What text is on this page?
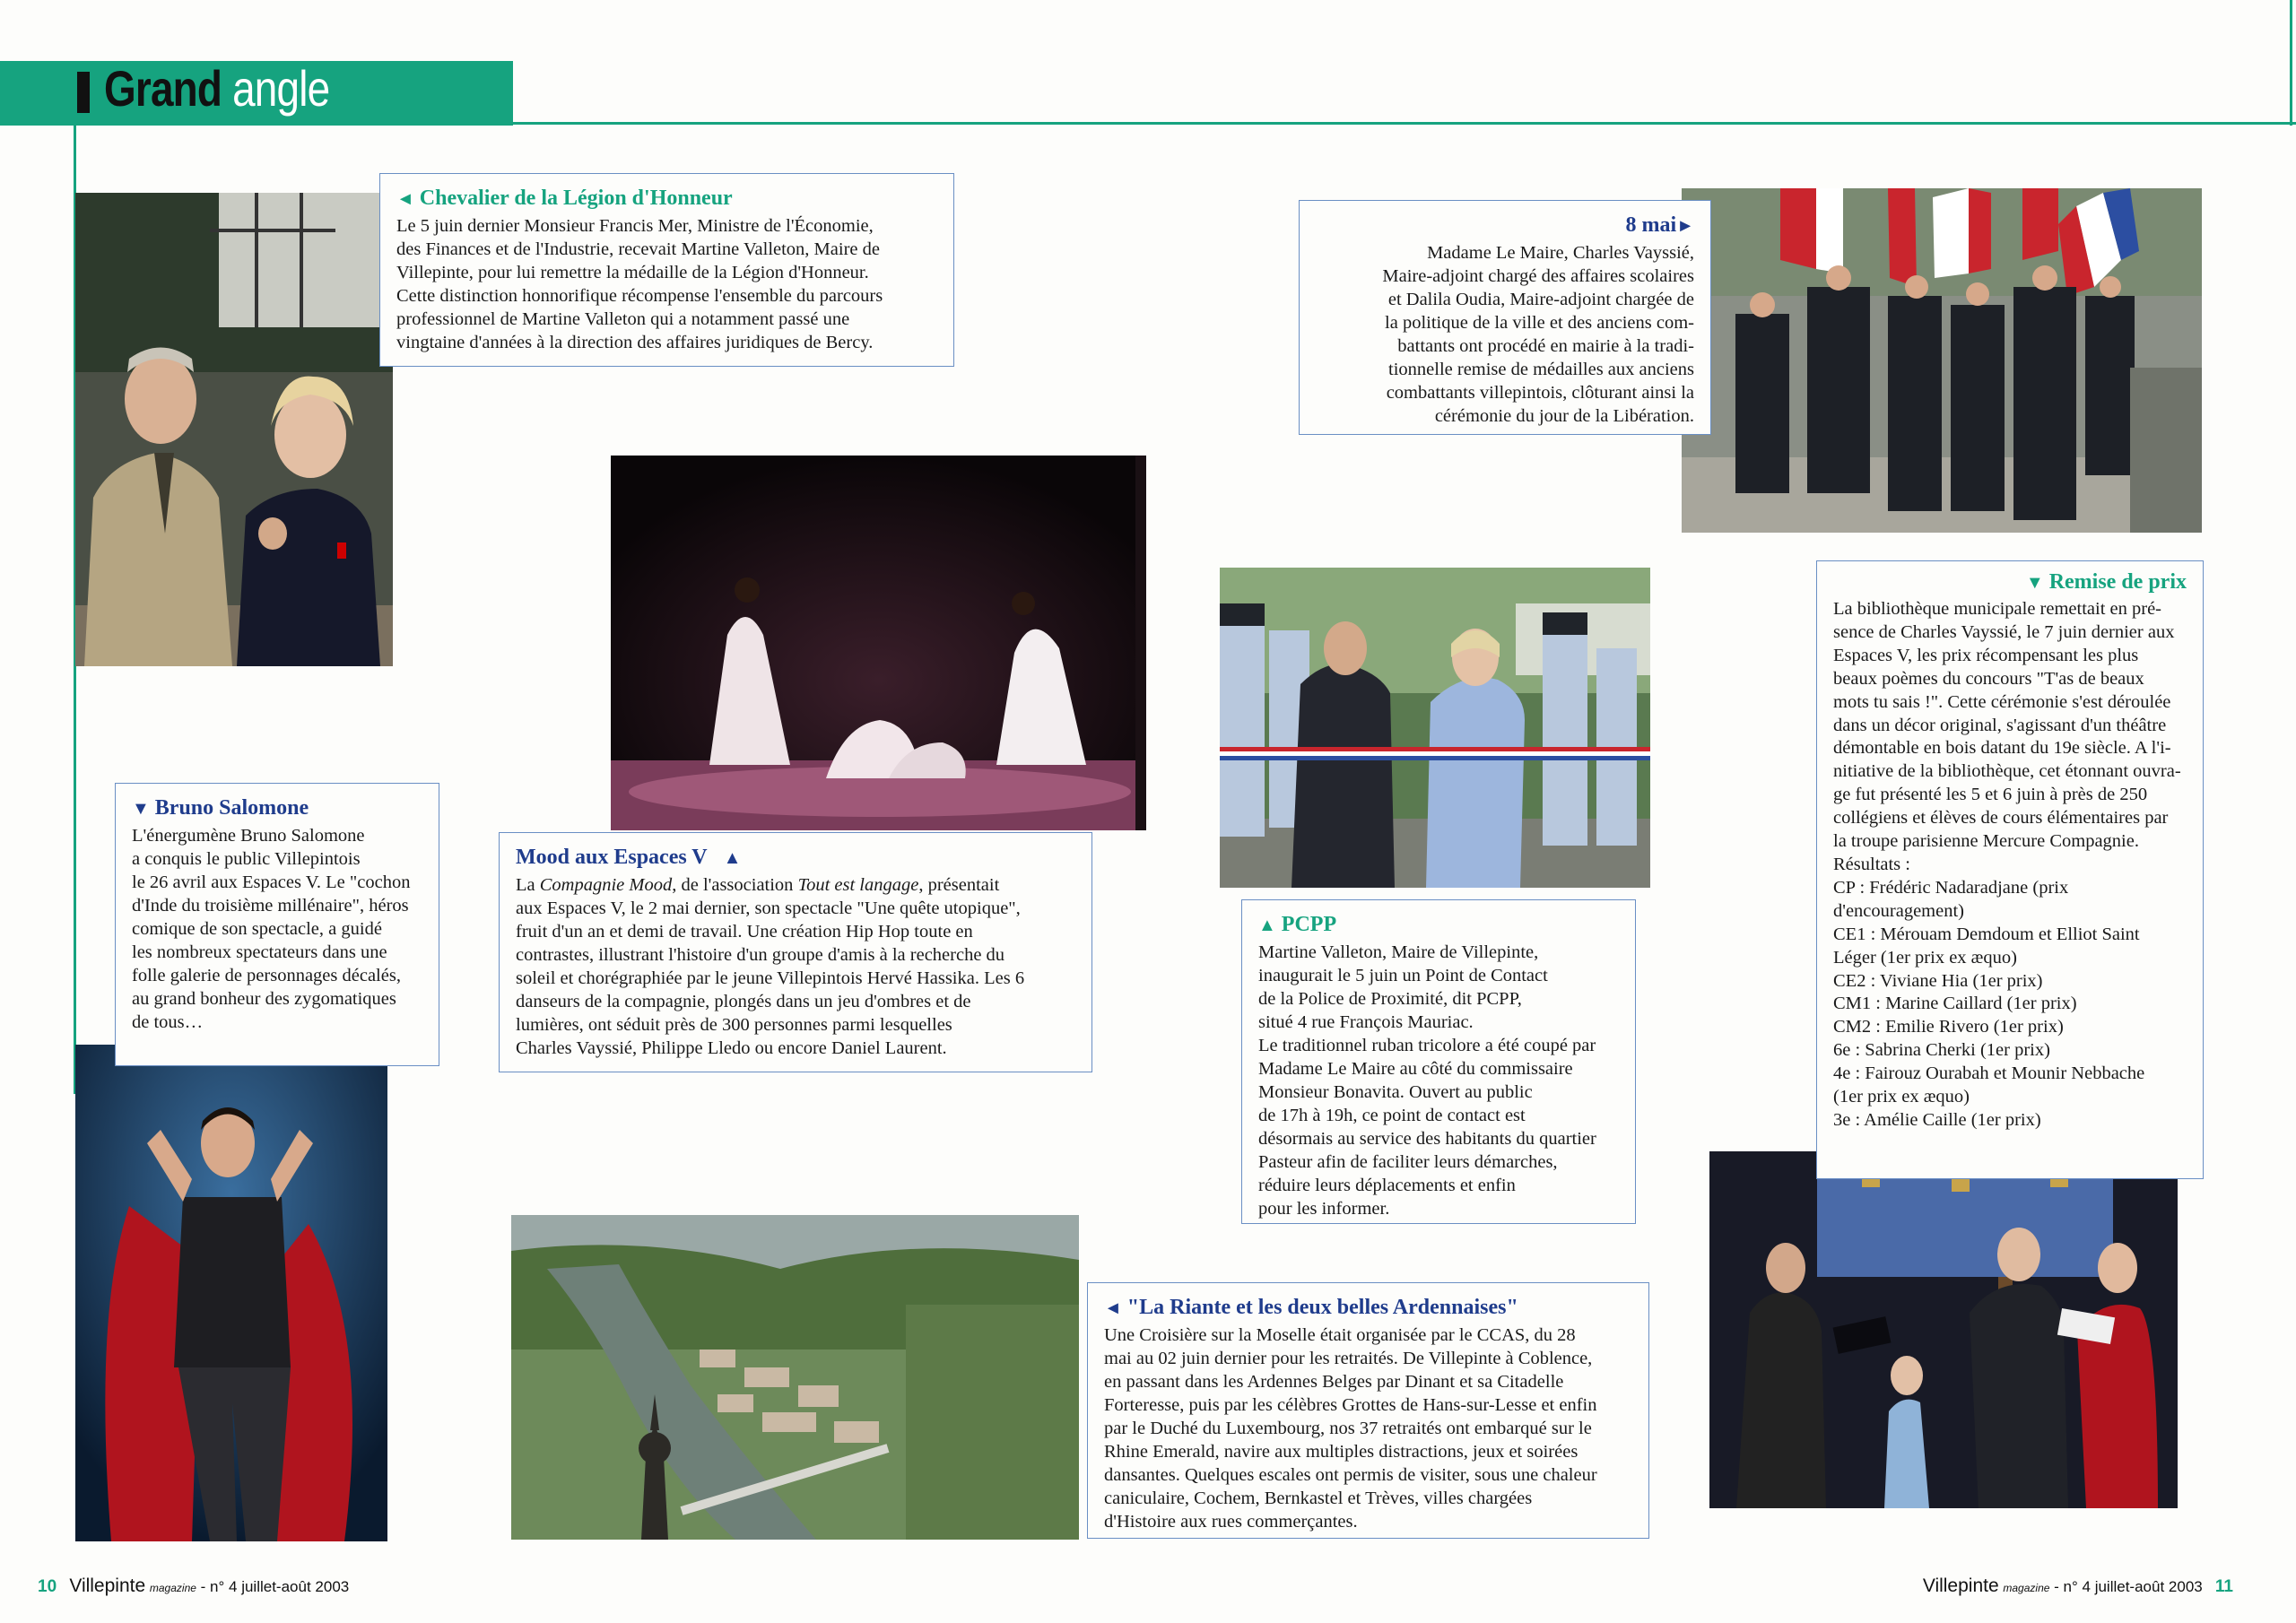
Grand angle

◄ Chevalier de la Légion d'Honneur

Le 5 juin dernier Monsieur Francis Mer, Ministre de l'Économie,
des Finances et de l'Industrie, recevait Martine Valleton, Maire de
Villepinte, pour lui remettre la médaille de la Légion d'Honneur.
Cette distinction honnorifique récompense l'ensemble du parcours
professionnel de Martine Valleton qui a notamment passé une
vingtaine d'années à la direction des affaires juridiques de Bercy.

8 mai►

Madame Le Maire, Charles Vayssié,
Maire-adjoint chargé des affaires scolaires
et Dalila Oudia, Maire-adjoint chargée de
la politique de la ville et des anciens com-
battants ont procédé en mairie à la tradi-
tionnelle remise de médailles aux anciens
combattants villepintois, clôturant ainsi la
cérémonie du jour de la Libération.

▼ Bruno Salomone

L'énergumène Bruno Salomone
a conquis le public Villepintois
le 26 avril aux Espaces V. Le "cochon
d'Inde du troisième millénaire", héros
comique de son spectacle, a guidé
les nombreux spectateurs dans une
folle galerie de personnages décalés,
au grand bonheur des zygomatiques
de tous…

Mood aux Espaces V ▲

La Compagnie Mood, de l'association Tout est langage, présentait
aux Espaces V, le 2 mai dernier, son spectacle "Une quête utopique",
fruit d'un an et demi de travail. Une création Hip Hop toute en
contrastes, illustrant l'histoire d'un groupe d'amis à la recherche du
soleil et chorégraphiée par le jeune Villepintois Hervé Hassika. Les 6
danseurs de la compagnie, plongés dans un jeu d'ombres et de
lumières, ont séduit près de 300 personnes parmi lesquelles
Charles Vayssié, Philippe Lledo ou encore Daniel Laurent.

▲ PCPP

Martine Valleton, Maire de Villepinte,
inaugurait le 5 juin un Point de Contact
de la Police de Proximité, dit PCPP,
situé 4 rue François Mauriac.
Le traditionnel ruban tricolore a été coupé par
Madame Le Maire au côté du commissaire
Monsieur Bonavita. Ouvert au public
de 17h à 19h, ce point de contact est
désormais au service des habitants du quartier
Pasteur afin de faciliter leurs démarches,
réduire leurs déplacements et enfin
pour les informer.

▼ Remise de prix

La bibliothèque municipale remettait en pré-
sence de Charles Vayssié, le 7 juin dernier aux
Espaces V, les prix récompensant les plus
beaux poèmes du concours "T'as de beaux
mots tu sais !". Cette cérémonie s'est déroulée
dans un décor original, s'agissant d'un théâtre
démontable en bois datant du 19e siècle. A l'i-
nitiative de la bibliothèque, cet étonnant ouvra-
ge fut présenté les 5 et 6 juin à près de 250
collégiens et élèves de cours élémentaires par
la troupe parisienne Mercure Compagnie.
Résultats :
CP : Frédéric Nadaradjane (prix
d'encouragement)
CE1 : Mérouam Demdoum et Elliot Saint
Léger (1er prix ex æquo)
CE2 : Viviane Hia (1er prix)
CM1 : Marine Caillard (1er prix)
CM2 : Emilie Rivero (1er prix)
6e : Sabrina Cherki (1er prix)
4e : Fairouz Ourabah et Mounir Nebbache
(1er prix ex æquo)
3e : Amélie Caille (1er prix)

◄ "La Riante et les deux belles Ardennaises"

Une Croisière sur la Moselle était organisée par le CCAS, du 28
mai au 02 juin dernier pour les retraités. De Villepinte à Coblence,
en passant dans les Ardennes Belges par Dinant et sa Citadelle
Forteresse, puis par les célèbres Grottes de Hans-sur-Lesse et enfin
par le Duché du Luxembourg, nos 37 retraités ont embarqué sur le
Rhine Emerald, navire aux multiples distractions, jeux et soirées
dansantes. Quelques escales ont permis de visiter, sous une chaleur
caniculaire, Cochem, Bernkastel et Trèves, villes chargées
d'Histoire aux rues commerçantes.

10 Villepinte magazine - n° 4 juillet-août 2003	Villepinte magazine - n° 4 juillet-août 2003 11
